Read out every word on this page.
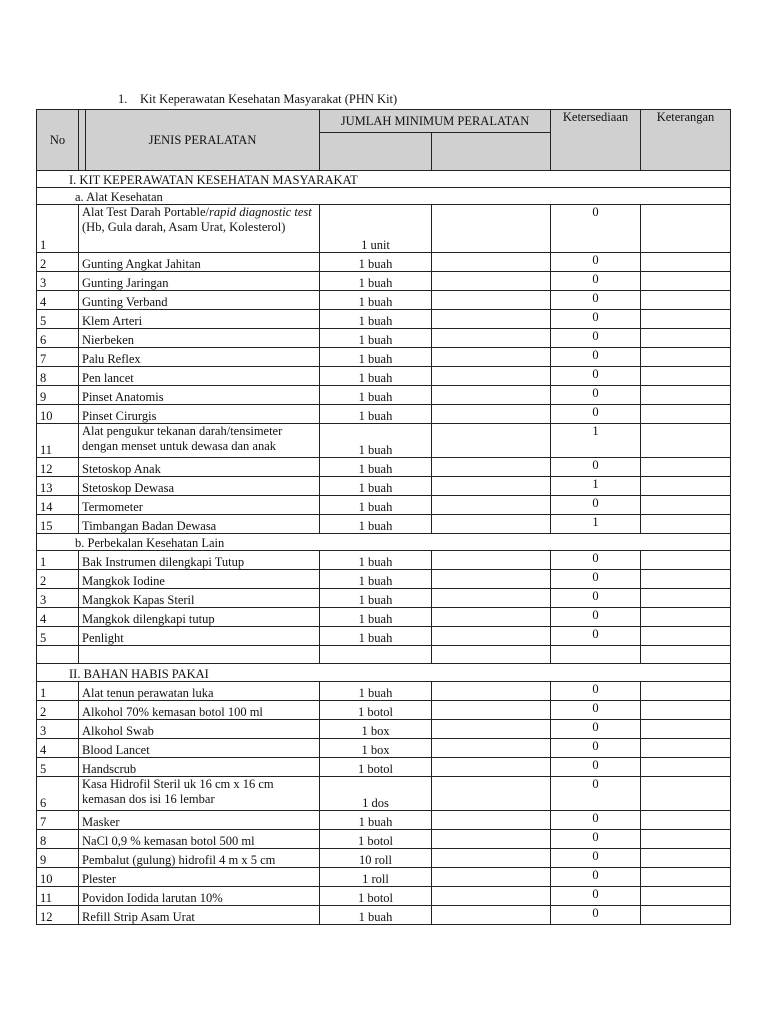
1. Kit Keperawatan Kesehatan Masyarakat (PHN Kit)
No	JENIS PERALATAN	JUMLAH MINIMUM PERALATAN		Ketersediaan	Keterangan

I. KIT KEPERAWATAN KESEHATAN MASYARAKAT					
a. Alat Kesehatan					
1	Alat Test Darah Portable/rapid diagnostic test (Hb, Gula darah, Asam Urat, Kolesterol)	1 unit		0	
2	Gunting Angkat Jahitan	1 buah		0	
3	Gunting Jaringan	1 buah		0	
4	Gunting Verband	1 buah		0	
5	Klem Arteri	1 buah		0	
6	Nierbeken	1 buah		0	
7	Palu Reflex	1 buah		0	
8	Pen lancet	1 buah		0	
9	Pinset Anatomis	1 buah		0	
10	Pinset Cirurgis	1 buah		0	
11	Alat pengukur tekanan darah/tensimeter dengan menset untuk dewasa dan anak	1 buah		1	
12	Stetoskop Anak	1 buah		0	
13	Stetoskop Dewasa	1 buah		1	
14	Termometer	1 buah		0	
15	Timbangan Badan Dewasa	1 buah		1	
b. Perbekalan Kesehatan Lain					
1	Bak Instrumen dilengkapi Tutup	1 buah		0	
2	Mangkok Iodine	1 buah		0	
3	Mangkok Kapas Steril	1 buah		0	
4	Mangkok dilengkapi tutup	1 buah		0	
5	Penlight	1 buah		0	

II. BAHAN HABIS PAKAI					
1	Alat tenun perawatan luka	1 buah		0	
2	Alkohol 70% kemasan botol 100 ml	1 botol		0	
3	Alkohol Swab	1 box		0	
4	Blood Lancet	1 box		0	
5	Handscrub	1 botol		0	
6	Kasa Hidrofil Steril uk 16 cm x 16 cm kemasan dos isi 16 lembar	1 dos		0	
7	Masker	1 buah		0	
8	NaCl 0,9 % kemasan botol 500 ml	1 botol		0	
9	Pembalut (gulung) hidrofil 4 m x 5 cm	10 roll		0	
10	Plester	1 roll		0	
11	Povidon Iodida larutan 10%	1 botol		0	
12	Refill Strip Asam Urat	1 buah		0	
